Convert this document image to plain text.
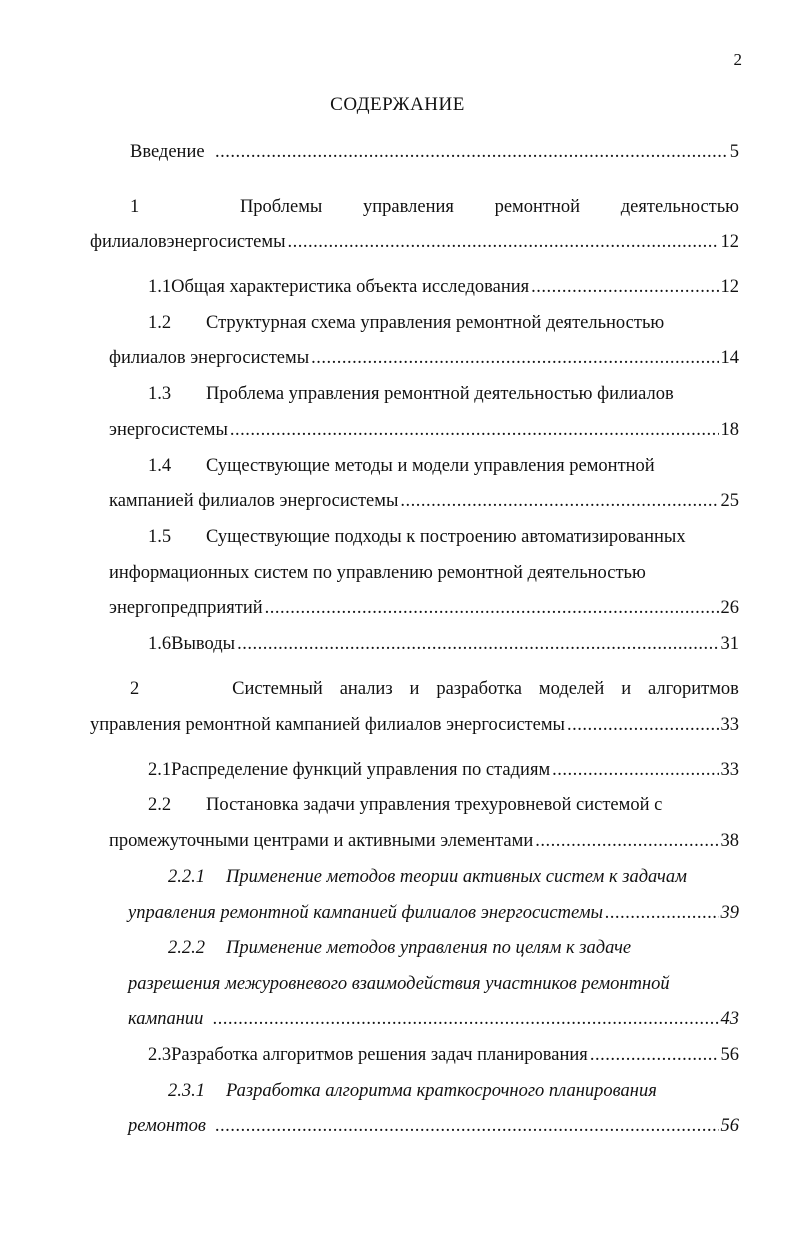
2
СОДЕРЖАНИЕ
Введение .....	5
1	Проблемы управления ремонтной деятельностью
филиаловэнергосистемы .....	12
1.1 Общая характеристика объекта исследования .....	12
1.2	Структурная схема управления ремонтной деятельностью
филиалов энергосистемы .....	14
1.3	Проблема управления ремонтной деятельностью филиалов
энергосистемы .....	18
1.4	Существующие методы и модели управления ремонтной
кампанией филиалов энергосистемы .....	25
1.5	Существующие подходы к построению автоматизированных
информационных систем по управлению ремонтной деятельностью
энергопредприятий .....	26
1.6 Выводы .....	31
2	Системный анализ и разработка моделей и алгоритмов
управления ремонтной кампанией филиалов энергосистемы .....	33
2.1 Распределение функций управления по стадиям .....	33
2.2	Постановка задачи управления трехуровневой системой с
промежуточными центрами и активными элементами .....	38
2.2.1	Применение методов теории активных систем к задачам
управления ремонтной кампанией филиалов энергосистемы .....	39
2.2.2	Применение методов управления по целям к задаче
разрешения межуровневого взаимодействия участников ремонтной
кампании .....	43
2.3 Разработка алгоритмов решения задач планирования .....	56
2.3.1	Разработка алгоритма краткосрочного планирования
ремонтов .....	56
